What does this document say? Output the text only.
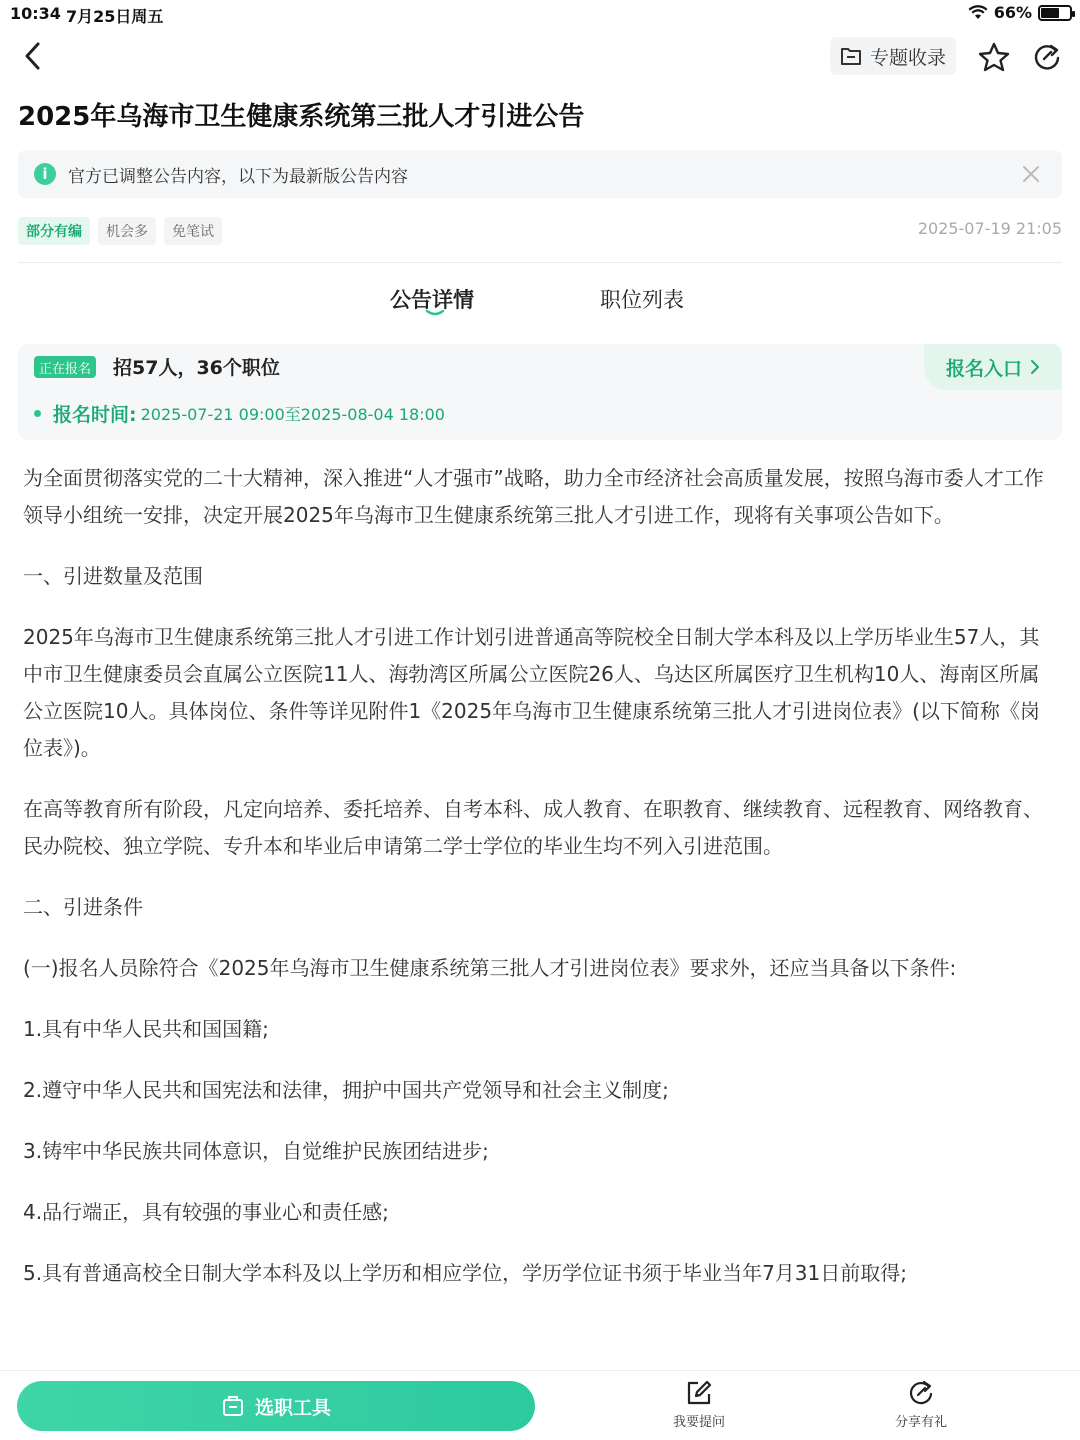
10:34 7月25日周五	66%
专题收录
2025年乌海市卫生健康系统第三批人才引进公告
i	官方已调整公告内容，以下为最新版公告内容
部分有编	机会多	免笔试	2025-07-19 21:05
公告详情	职位列表
正在报名 招57人，36个职位	报名入口
报名时间: 2025-07-21 09:00至2025-08-04 18:00

为全面贯彻落实党的二十大精神，深入推进“人才强市”战略，助力全市经济社会高质量发展，按照乌海市委人才工作领导小组统一安排，决定开展2025年乌海市卫生健康系统第三批人才引进工作，现将有关事项公告如下。

一、引进数量及范围

2025年乌海市卫生健康系统第三批人才引进工作计划引进普通高等院校全日制大学本科及以上学历毕业生57人，其中市卫生健康委员会直属公立医院11人、海勃湾区所属公立医院26人、乌达区所属医疗卫生机构10人、海南区所属公立医院10人。具体岗位、条件等详见附件1《2025年乌海市卫生健康系统第三批人才引进岗位表》(以下简称《岗位表》)。

在高等教育所有阶段，凡定向培养、委托培养、自考本科、成人教育、在职教育、继续教育、远程教育、网络教育、民办院校、独立学院、专升本和毕业后申请第二学士学位的毕业生均不列入引进范围。

二、引进条件

(一)报名人员除符合《2025年乌海市卫生健康系统第三批人才引进岗位表》要求外，还应当具备以下条件:

1.具有中华人民共和国国籍;

2.遵守中华人民共和国宪法和法律，拥护中国共产党领导和社会主义制度;

3.铸牢中华民族共同体意识，自觉维护民族团结进步;

4.品行端正，具有较强的事业心和责任感;

5.具有普通高校全日制大学本科及以上学历和相应学位，学历学位证书须于毕业当年7月31日前取得;

选职工具
我要提问	分享有礼
